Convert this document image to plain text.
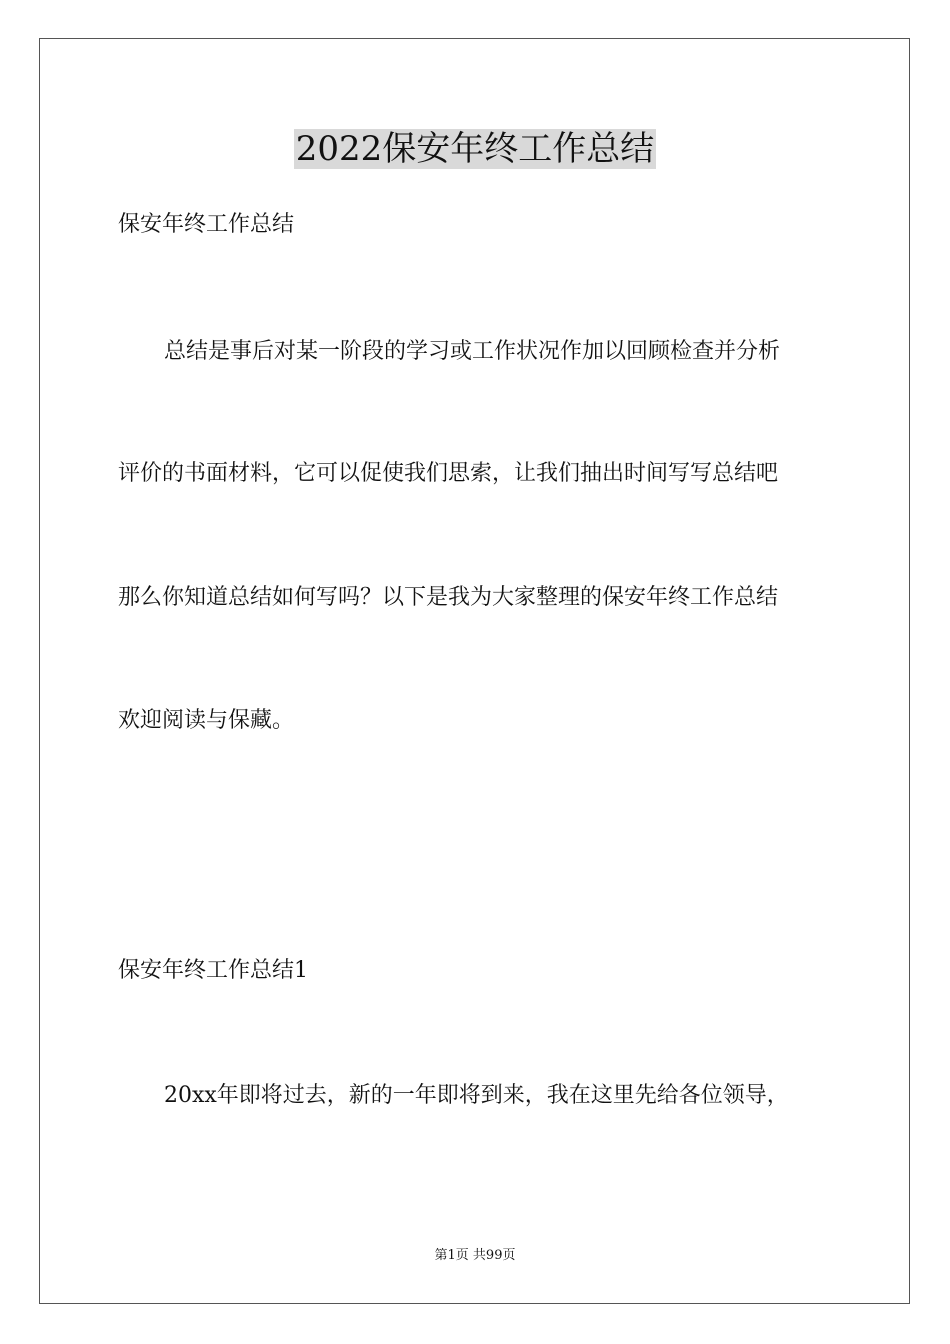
2022保安年终工作总结
保安年终工作总结
总结是事后对某一阶段的学习或工作状况作加以回顾检查并分析
评价的书面材料，它可以促使我们思索，让我们抽出时间写写总结吧
那么你知道总结如何写吗？以下是我为大家整理的保安年终工作总结
欢迎阅读与保藏。
保安年终工作总结1
20xx年即将过去，新的一年即将到来，我在这里先给各位领导，
第1页 共99页
